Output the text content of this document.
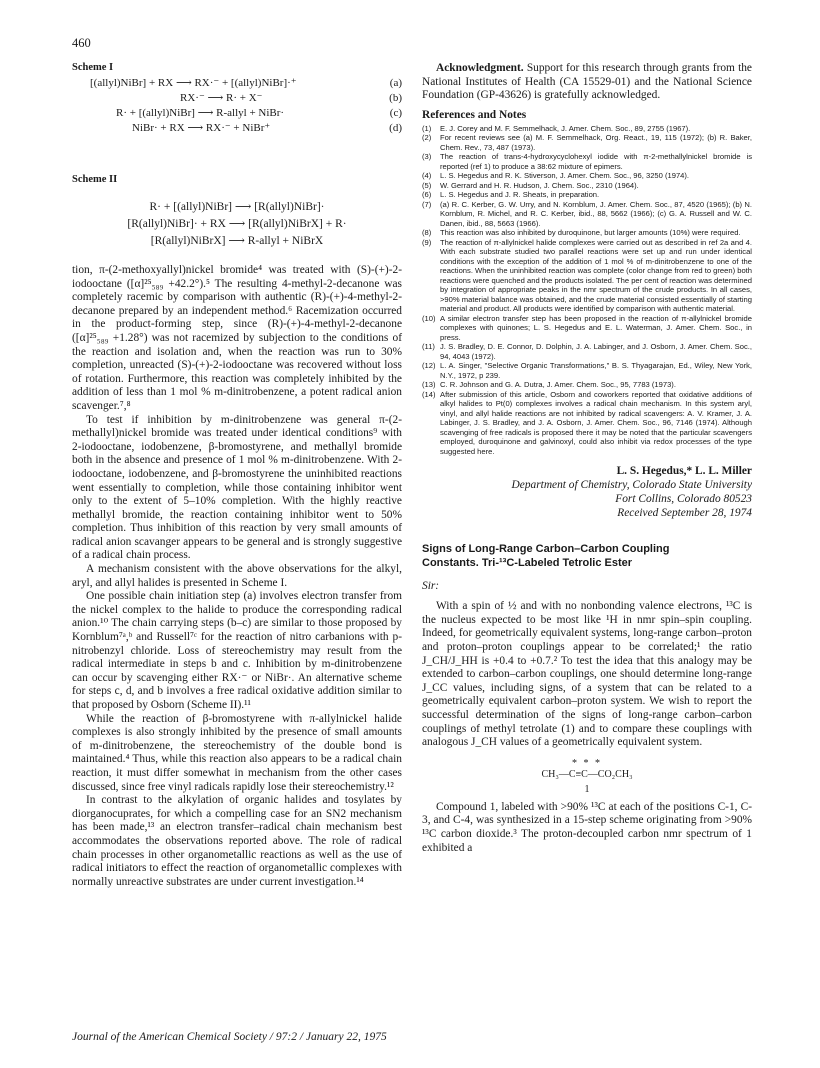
460
Scheme I
[(allyl)NiBr] + RX ⟶ RX·⁻ + [(allyl)NiBr]·⁺	(a)
RX·⁻ ⟶ R· + X⁻	(b)
R· + [(allyl)NiBr] ⟶ R-allyl + NiBr·	(c)
NiBr· + RX ⟶ RX·⁻ + NiBr⁺	(d)
Scheme II
R· + [(allyl)NiBr] ⟶ [R(allyl)NiBr]·
[R(allyl)NiBr]· + RX ⟶ [R(allyl)NiBrX] + R·
[R(allyl)NiBrX] ⟶ R-allyl + NiBrX

tion, π-(2-methoxyallyl)nickel bromide⁴ was treated with (S)-(+)-2-iodooctane ([α]²⁵₅₈₉ +42.2°).⁵ The resulting 4-methyl-2-decanone was completely racemic by comparison with authentic (R)-(+)-4-methyl-2-decanone prepared by an independent method.⁶ Racemization occurred in the product-forming step, since (R)-(+)-4-methyl-2-decanone ([α]²⁵₅₈₉ +1.28°) was not racemized by subjection to the conditions of the reaction and isolation and, when the reaction was run to 30% completion, unreacted (S)-(+)-2-iodooctane was recovered without loss of rotation. Furthermore, this reaction was completely inhibited by the addition of less than 1 mol % m-dinitrobenzene, a potent radical anion scavenger.⁷,⁸

To test if inhibition by m-dinitrobenzene was general π-(2-methallyl)nickel bromide was treated under identical conditions⁹ with 2-iodooctane, iodobenzene, β-bromostyrene, and methallyl bromide both in the absence and presence of 1 mol % m-dinitrobenzene. With 2-iodooctane, iodobenzene, and β-bromostyrene the uninhibited reactions went essentially to completion, while those containing inhibitor went only to the extent of 5–10% completion. With the highly reactive methallyl bromide, the reaction containing inhibitor went to 50% completion. Thus inhibition of this reaction by very small amounts of radical anion scavanger appears to be general and is strongly suggestive of a radical chain process.

A mechanism consistent with the above observations for the alkyl, aryl, and allyl halides is presented in Scheme I.

One possible chain initiation step (a) involves electron transfer from the nickel complex to the halide to produce the corresponding radical anion.¹⁰ The chain carrying steps (b–c) are similar to those proposed by Kornblum⁷ᵃ,ᵇ and Russell⁷ᶜ for the reaction of nitro carbanions with p-nitrobenzyl chloride. Loss of stereochemistry may result from the radical intermediate in steps b and c. Inhibition by m-dinitrobenzene can occur by scavenging either RX·⁻ or NiBr·. An alternative scheme for steps c, d, and b involves a free radical oxidative addition similar to that proposed by Osborn (Scheme II).¹¹

While the reaction of β-bromostyrene with π-allylnickel halide complexes is also strongly inhibited by the presence of small amounts of m-dinitrobenzene, the stereochemistry of the double bond is maintained.⁴ Thus, while this reaction also appears to be a radical chain reaction, it must differ somewhat in mechanism from the other cases discussed, since free vinyl radicals rapidly lose their stereochemistry.¹²

In contrast to the alkylation of organic halides and tosylates by diorganocuprates, for which a compelling case for an SN2 mechanism has been made,¹³ an electron transfer–radical chain mechanism best accommodates the observations reported above. The role of radical chain processes in other organometallic reactions as well as the use of radical initiators to effect the reaction of organometallic complexes with normally unreactive substrates are under current investigation.¹⁴

Acknowledgment. Support for this research through grants from the National Institutes of Health (CA 15529-01) and the National Science Foundation (GP-43626) is gratefully acknowledged.

References and Notes
(1)	E. J. Corey and M. F. Semmelhack, J. Amer. Chem. Soc., 89, 2755 (1967).
(2)	For recent reviews see (a) M. F. Semmelhack, Org. React., 19, 115 (1972); (b) R. Baker, Chem. Rev., 73, 487 (1973).
(3)	The reaction of trans-4-hydroxycyclohexyl iodide with π-2-methallylnickel bromide is reported (ref 1) to produce a 38:62 mixture of epimers.
(4)	L. S. Hegedus and R. K. Stiverson, J. Amer. Chem. Soc., 96, 3250 (1974).
(5)	W. Gerrard and H. R. Hudson, J. Chem. Soc., 2310 (1964).
(6)	L. S. Hegedus and J. R. Sheats, in preparation.
(7)	(a) R. C. Kerber, G. W. Urry, and N. Kornblum, J. Amer. Chem. Soc., 87, 4520 (1965); (b) N. Kornblum, R. Michel, and R. C. Kerber, ibid., 88, 5662 (1966); (c) G. A. Russell and W. C. Danen, ibid., 88, 5663 (1966).
(8)	This reaction was also inhibited by duroquinone, but larger amounts (10%) were required.
(9)	The reaction of π-allylnickel halide complexes were carried out as described in ref 2a and 4. With each substrate studied two parallel reactions were set up and run under identical conditions with the exception of the addition of 1 mol % of m-dinitrobenzene to one of the reactions. When the uninhibited reaction was complete (color change from red to green) both reactions were quenched and the products isolated. The per cent of reaction was determined by integration of appropriate peaks in the nmr spectrum of the crude products. In all cases, >90% material balance was obtained, and the crude material consisted essentially of starting material and product. All products were identified by comparison with authentic material.
(10) A similar electron transfer step has been proposed in the reaction of π-allylnickel bromide complexes with quinones; L. S. Hegedus and E. L. Waterman, J. Amer. Chem. Soc., in press.
(11) J. S. Bradley, D. E. Connor, D. Dolphin, J. A. Labinger, and J. Osborn, J. Amer. Chem. Soc., 94, 4043 (1972).
(12) L. A. Singer, "Selective Organic Transformations," B. S. Thyagarajan, Ed., Wiley, New York, N.Y., 1972, p 239.
(13) C. R. Johnson and G. A. Dutra, J. Amer. Chem. Soc., 95, 7783 (1973).
(14) After submission of this article, Osborn and coworkers reported that oxidative additions of alkyl halides to Pt(0) complexes involves a radical chain mechanism. In this system aryl, vinyl, and allyl halide reactions are not inhibited by radical scavengers: A. V. Kramer, J. A. Labinger, J. S. Bradley, and J. A. Osborn, J. Amer. Chem. Soc., 96, 7146 (1974). Although scavenging of free radicals is proposed there it may be noted that the particular scavengers employed, duroquinone and galvinoxyl, could also inhibit via redox processes of the type suggested here.
L. S. Hegedus,* L. L. Miller
Department of Chemistry, Colorado State University
Fort Collins, Colorado 80523
Received September 28, 1974
Signs of Long-Range Carbon–Carbon Coupling
Constants. Tri-¹³C-Labeled Tetrolic Ester
Sir:

With a spin of ½ and with no nonbonding valence electrons, ¹³C is the nucleus expected to be most like ¹H in nmr spin–spin coupling. Indeed, for geometrically equivalent systems, long-range carbon–proton and proton–proton couplings appear to be correlated;¹ the ratio J_CH/J_HH is +0.4 to +0.7.² To test the idea that this analogy may be extended to carbon–carbon couplings, one should determine long-range J_CC values, including signs, of a system that can be related to a geometrically equivalent carbon–proton system. We wish to report the successful determination of the signs of long-range carbon–carbon couplings of methyl tetrolate (1) and to compare these couplings with analogous J_CH values of a geometrically equivalent system.

* * *
CH₃—C≡C—CO₂CH₃
1

Compound 1, labeled with >90% ¹³C at each of the positions C-1, C-3, and C-4, was synthesized in a 15-step scheme originating from >90% ¹³C carbon dioxide.³ The proton-decoupled carbon nmr spectrum of 1 exhibited a

Journal of the American Chemical Society / 97:2 / January 22, 1975
